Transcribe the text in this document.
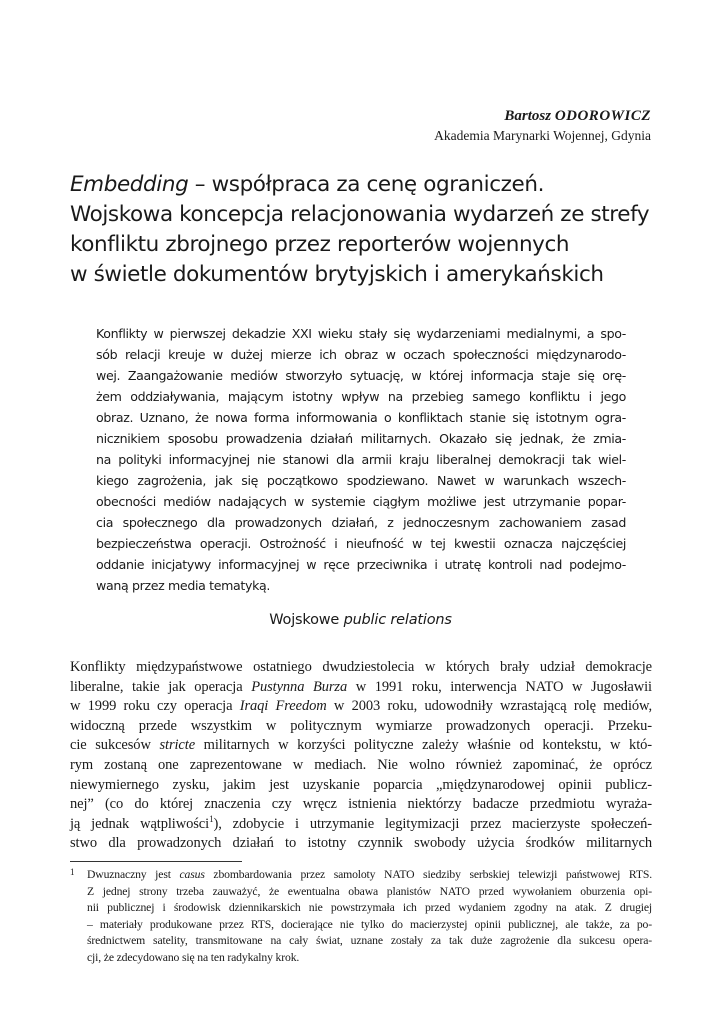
Bartosz ODOROWICZ
Akademia Marynarki Wojennej, Gdynia
Embedding – współpraca za cenę ograniczeń.
Wojskowa koncepcja relacjonowania wydarzeń ze strefy
konfliktu zbrojnego przez reporterów wojennych
w świetle dokumentów brytyjskich i amerykańskich
Konflikty w pierwszej dekadzie XXI wieku stały się wydarzeniami medialnymi, a spo-
sób relacji kreuje w dużej mierze ich obraz w oczach społeczności międzynarodo-
wej. Zaangażowanie mediów stworzyło sytuację, w której informacja staje się orę-
żem oddziaływania, mającym istotny wpływ na przebieg samego konfliktu i jego
obraz. Uznano, że nowa forma informowania o konfliktach stanie się istotnym ogra-
nicznikiem sposobu prowadzenia działań militarnych. Okazało się jednak, że zmia-
na polityki informacyjnej nie stanowi dla armii kraju liberalnej demokracji tak wiel-
kiego zagrożenia, jak się początkowo spodziewano. Nawet w warunkach wszech-
obecności mediów nadających w systemie ciągłym możliwe jest utrzymanie popar-
cia społecznego dla prowadzonych działań, z jednoczesnym zachowaniem zasad
bezpieczeństwa operacji. Ostrożność i nieufność w tej kwestii oznacza najczęściej
oddanie inicjatywy informacyjnej w ręce przeciwnika i utratę kontroli nad podejmo-
waną przez media tematyką.
Wojskowe public relations
Konflikty międzypaństwowe ostatniego dwudziestolecia w których brały udział demokracje
liberalne, takie jak operacja Pustynna Burza w 1991 roku, interwencja NATO w Jugosławii
w 1999 roku czy operacja Iraqi Freedom w 2003 roku, udowodniły wzrastającą rolę mediów,
widoczną przede wszystkim w politycznym wymiarze prowadzonych operacji. Przeku-
cie sukcesów stricte militarnych w korzyści polityczne zależy właśnie od kontekstu, w któ-
rym zostaną one zaprezentowane w mediach. Nie wolno również zapominać, że oprócz
niewymiernego zysku, jakim jest uzyskanie poparcia „międzynarodowej opinii publicz-
nej” (co do której znaczenia czy wręcz istnienia niektórzy badacze przedmiotu wyraża-
ją jednak wątpliwości$^1$), zdobycie i utrzymanie legitymizacji przez macierzyste społeczeń-
stwo dla prowadzonych działań to istotny czynnik swobody użycia środków militarnych
1 Dwuznaczny jest casus zbombardowania przez samoloty NATO siedziby serbskiej telewizji państwowej RTS.
Z jednej strony trzeba zauważyć, że ewentualna obawa planistów NATO przed wywołaniem oburzenia opi-
nii publicznej i środowisk dziennikarskich nie powstrzymała ich przed wydaniem zgodny na atak. Z drugiej
– materiały produkowane przez RTS, docierające nie tylko do macierzystej opinii publicznej, ale także, za po-
średnictwem satelity, transmitowane na cały świat, uznane zostały za tak duże zagrożenie dla sukcesu opera-
cji, że zdecydowano się na ten radykalny krok.
